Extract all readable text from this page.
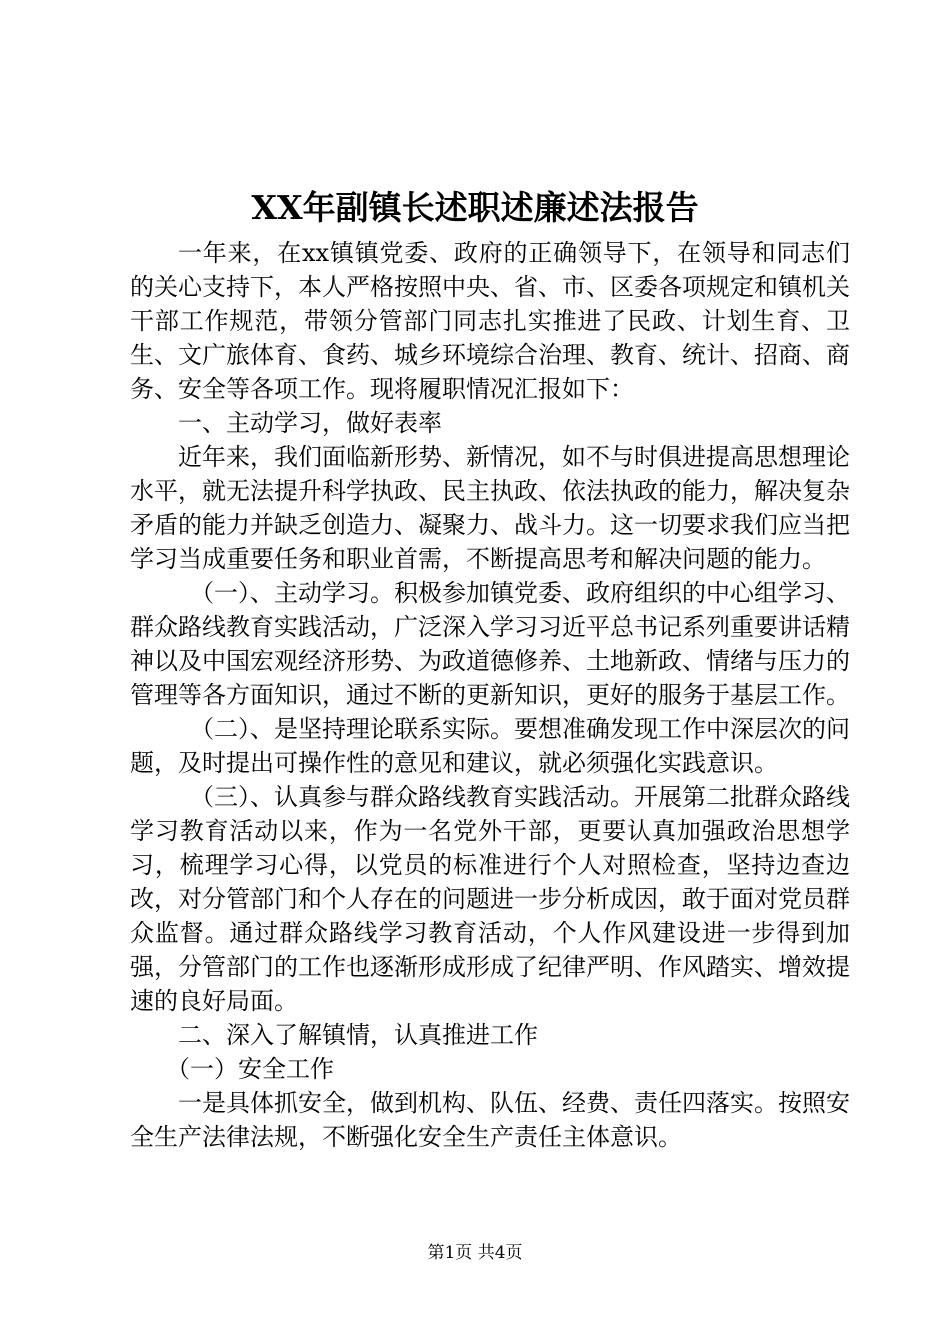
XX年副镇长述职述廉述法报告

一年来，在xx镇镇党委、政府的正确领导下，在领导和同志们的关心支持下，本人严格按照中央、省、市、区委各项规定和镇机关干部工作规范，带领分管部门同志扎实推进了民政、计划生育、卫生、文广旅体育、食药、城乡环境综合治理、教育、统计、招商、商务、安全等各项工作。现将履职情况汇报如下：

一、主动学习，做好表率

近年来，我们面临新形势、新情况，如不与时俱进提高思想理论水平，就无法提升科学执政、民主执政、依法执政的能力，解决复杂矛盾的能力并缺乏创造力、凝聚力、战斗力。这一切要求我们应当把学习当成重要任务和职业首需，不断提高思考和解决问题的能力。

（一）、主动学习。积极参加镇党委、政府组织的中心组学习、群众路线教育实践活动，广泛深入学习习近平总书记系列重要讲话精神以及中国宏观经济形势、为政道德修养、土地新政、情绪与压力的管理等各方面知识，通过不断的更新知识，更好的服务于基层工作。

（二）、是坚持理论联系实际。要想准确发现工作中深层次的问题，及时提出可操作性的意见和建议，就必须强化实践意识。

（三）、认真参与群众路线教育实践活动。开展第二批群众路线学习教育活动以来，作为一名党外干部，更要认真加强政治思想学习，梳理学习心得，以党员的标准进行个人对照检查，坚持边查边改，对分管部门和个人存在的问题进一步分析成因，敢于面对党员群众监督。通过群众路线学习教育活动，个人作风建设进一步得到加强，分管部门的工作也逐渐形成形成了纪律严明、作风踏实、增效提速的良好局面。

二、深入了解镇情，认真推进工作

（一）安全工作

一是具体抓安全，做到机构、队伍、经费、责任四落实。按照安全生产法律法规，不断强化安全生产责任主体意识。

第1页 共4页
